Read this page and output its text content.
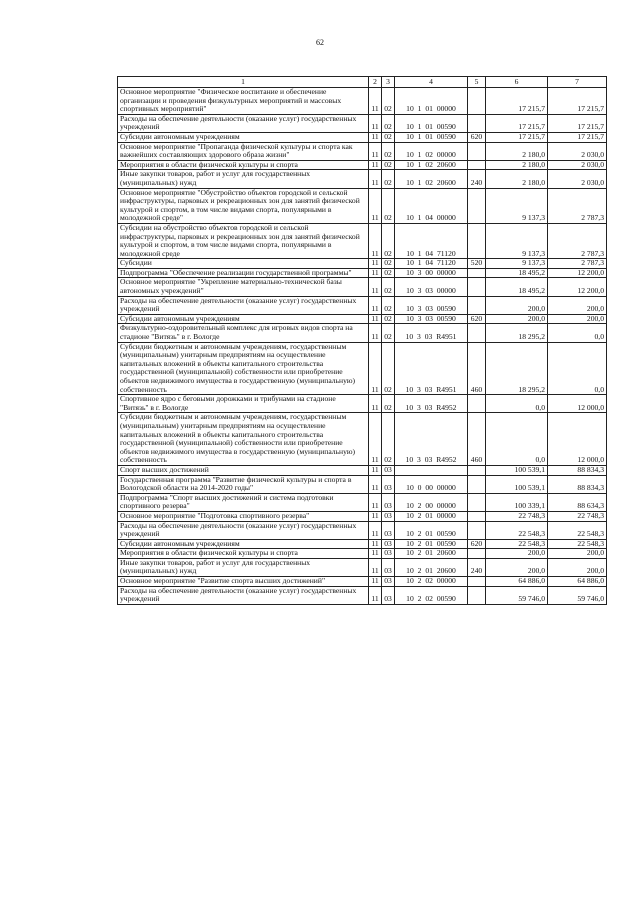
62
1	2	3	4	5	6	7
Основное мероприятие "Физическое воспитание и обеспечение организации и проведения физкультурных мероприятий и массовых спортивных мероприятий"	11	02	10 1 01 00000		17 215,7	17 215,7
Расходы на обеспечение деятельности (оказание услуг) государственных учреждений	11	02	10 1 01 00590		17 215,7	17 215,7
Субсидии автономным учреждениям	11	02	10 1 01 00590	620	17 215,7	17 215,7
Основное мероприятие "Пропаганда физической культуры и спорта как важнейших составляющих здорового образа жизни"	11	02	10 1 02 00000		2 180,0	2 030,0
Мероприятия в области физической культуры и спорта	11	02	10 1 02 20600		2 180,0	2 030,0
Иные закупки товаров, работ и услуг для государственных (муниципальных) нужд	11	02	10 1 02 20600	240	2 180,0	2 030,0
Основное мероприятие "Обустройство объектов городской и сельской инфраструктуры, парковых и рекреационных зон для занятий физической культурой и спортом, в том числе видами спорта, популярными в молодежной среде"	11	02	10 1 04 00000		9 137,3	2 787,3
Субсидии на обустройство объектов городской и сельской инфраструктуры, парковых и рекреационных зон для занятий физической культурой и спортом, в том числе видами спорта, популярными в молодежной среде	11	02	10 1 04 71120		9 137,3	2 787,3
Субсидии	11	02	10 1 04 71120	520	9 137,3	2 787,3
Подпрограмма "Обеспечение реализации государственной программы"	11	02	10 3 00 00000		18 495,2	12 200,0
Основное мероприятие "Укрепление материально-технической базы автономных учреждений"	11	02	10 3 03 00000		18 495,2	12 200,0
Расходы на обеспечение деятельности (оказание услуг) государственных учреждений	11	02	10 3 03 00590		200,0	200,0
Субсидии автономным учреждениям	11	02	10 3 03 00590	620	200,0	200,0
Физкультурно-оздоровительный комплекс для игровых видов спорта на стадионе "Витязь" в г. Вологде	11	02	10 3 03 R4951		18 295,2	0,0
Субсидии бюджетным и автономным учреждениям, государственным (муниципальным) унитарным предприятиям на осуществление капитальных вложений в объекты капитального строительства государственной (муниципальной) собственности или приобретение объектов недвижимого имущества в государственную (муниципальную) собственность	11	02	10 3 03 R4951	460	18 295,2	0,0
Спортивное ядро с беговыми дорожками и трибунами на стадионе "Витязь" в г. Вологде	11	02	10 3 03 R4952		0,0	12 000,0
Субсидии бюджетным и автономным учреждениям, государственным (муниципальным) унитарным предприятиям на осуществление капитальных вложений в объекты капитального строительства государственной (муниципальной) собственности или приобретение объектов недвижимого имущества в государственную (муниципальную) собственность	11	02	10 3 03 R4952	460	0,0	12 000,0
Спорт высших достижений	11	03			100 539,1	88 834,3
Государственная программа "Развитие физической культуры и спорта в Вологодской области на 2014-2020 годы"	11	03	10 0 00 00000		100 539,1	88 834,3
Подпрограмма "Спорт высших достижений и система подготовки спортивного резерва"	11	03	10 2 00 00000		100 339,1	88 634,3
Основное мероприятие "Подготовка спортивного резерва"	11	03	10 2 01 00000		22 748,3	22 748,3
Расходы на обеспечение деятельности (оказание услуг) государственных учреждений	11	03	10 2 01 00590		22 548,3	22 548,3
Субсидии автономным учреждениям	11	03	10 2 01 00590	620	22 548,3	22 548,3
Мероприятия в области физической культуры и спорта	11	03	10 2 01 20600		200,0	200,0
Иные закупки товаров, работ и услуг для государственных (муниципальных) нужд	11	03	10 2 01 20600	240	200,0	200,0
Основное мероприятие "Развитие спорта высших достижений"	11	03	10 2 02 00000		64 886,0	64 886,0
Расходы на обеспечение деятельности (оказание услуг) государственных учреждений	11	03	10 2 02 00590		59 746,0	59 746,0
